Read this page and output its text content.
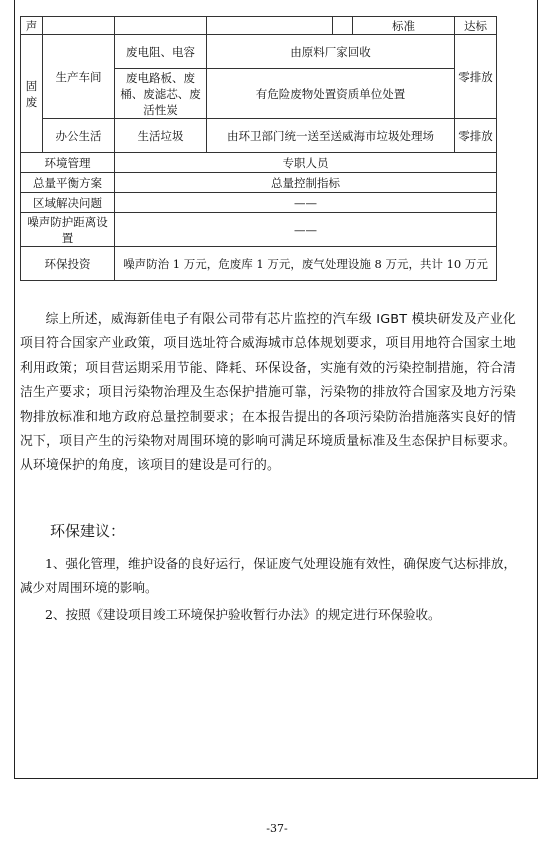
声					标准	达标
固废	生产车间	废电阻、电容	由原料厂家回收			零排放
		废电路板、废桶、废滤芯、废活性炭	有危险废物处置资质单位处置			
	办公生活	生活垃圾	由环卫部门统一送至送威海市垃圾处理场			零排放
环境管理		专职人员				
总量平衡方案		总量控制指标				
区域解决问题		——				
噪声防护距离设置		——				
环保投资		噪声防治 1 万元，危废库 1 万元，废气处理设施 8 万元，共计 10 万元				

综上所述，威海新佳电子有限公司带有芯片监控的汽车级 IGBT 模块研发及产业化项目符合国家产业政策，项目选址符合威海城市总体规划要求，项目用地符合国家土地利用政策；项目营运期采用节能、降耗、环保设备，实施有效的污染控制措施，符合清洁生产要求；项目污染物治理及生态保护措施可靠，污染物的排放符合国家及地方污染物排放标准和地方政府总量控制要求；在本报告提出的各项污染防治措施落实良好的情况下，项目产生的污染物对周围环境的影响可满足环境质量标准及生态保护目标要求。从环境保护的角度，该项目的建设是可行的。

环保建议：

1、强化管理，维护设备的良好运行，保证废气处理设施有效性，确保废气达标排放，减少对周围环境的影响。

2、按照《建设项目竣工环境保护验收暂行办法》的规定进行环保验收。

-37-
